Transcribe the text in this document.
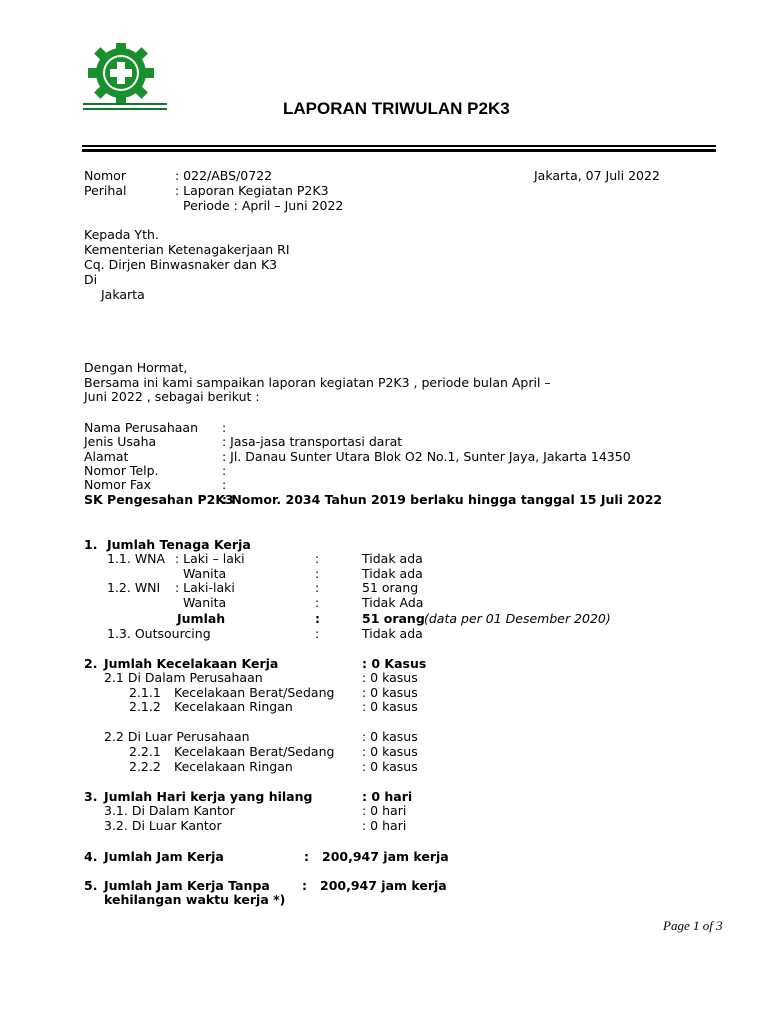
LAPORAN TRIWULAN P2K3
Nomor	: 022/ABS/0722	Jakarta, 07 Juli 2022
Perihal	: Laporan Kegiatan P2K3
Periode : April – Juni 2022
Kepada Yth.
Kementerian Ketenagakerjaan RI
Cq. Dirjen Binwasnaker dan K3
Di
Jakarta
Dengan Hormat,
Bersama ini kami sampaikan laporan kegiatan P2K3 , periode bulan April –
Juni 2022 , sebagai berikut :
Nama Perusahaan :
Jenis Usaha	: Jasa-jasa transportasi darat
Alamat	: Jl. Danau Sunter Utara Blok O2 No.1, Sunter Jaya, Jakarta 14350
Nomor Telp.	:
Nomor Fax	:
SK Pengesahan P2K3
: Nomor. 2034 Tahun 2019 berlaku hingga tanggal 15 Juli 2022
1. Jumlah Tenaga Kerja
1.1. WNA : Laki – laki	:	Tidak ada
Wanita	:	Tidak ada
1.2. WNI : Laki-laki	:	51 orang
Wanita	:	Tidak Ada
Jumlah	:	51 orang (data per 01 Desember 2020)
1.3. Outsourcing	:	Tidak ada
2. Jumlah Kecelakaan Kerja	: 0 Kasus
2.1 Di Dalam Perusahaan	: 0 kasus
2.1.1 Kecelakaan Berat/Sedang : 0 kasus
2.1.2 Kecelakaan Ringan	: 0 kasus
2.2 Di Luar Perusahaan	: 0 kasus
2.2.1 Kecelakaan Berat/Sedang : 0 kasus
2.2.2 Kecelakaan Ringan	: 0 kasus
3. Jumlah Hari kerja yang hilang	: 0 hari
3.1. Di Dalam Kantor	: 0 hari
3.2. Di Luar Kantor	: 0 hari
4. Jumlah Jam Kerja	: 200,947 jam kerja
5. Jumlah Jam Kerja Tanpa	: 200,947 jam kerja
kehilangan waktu kerja *)
Page 1 of 3
